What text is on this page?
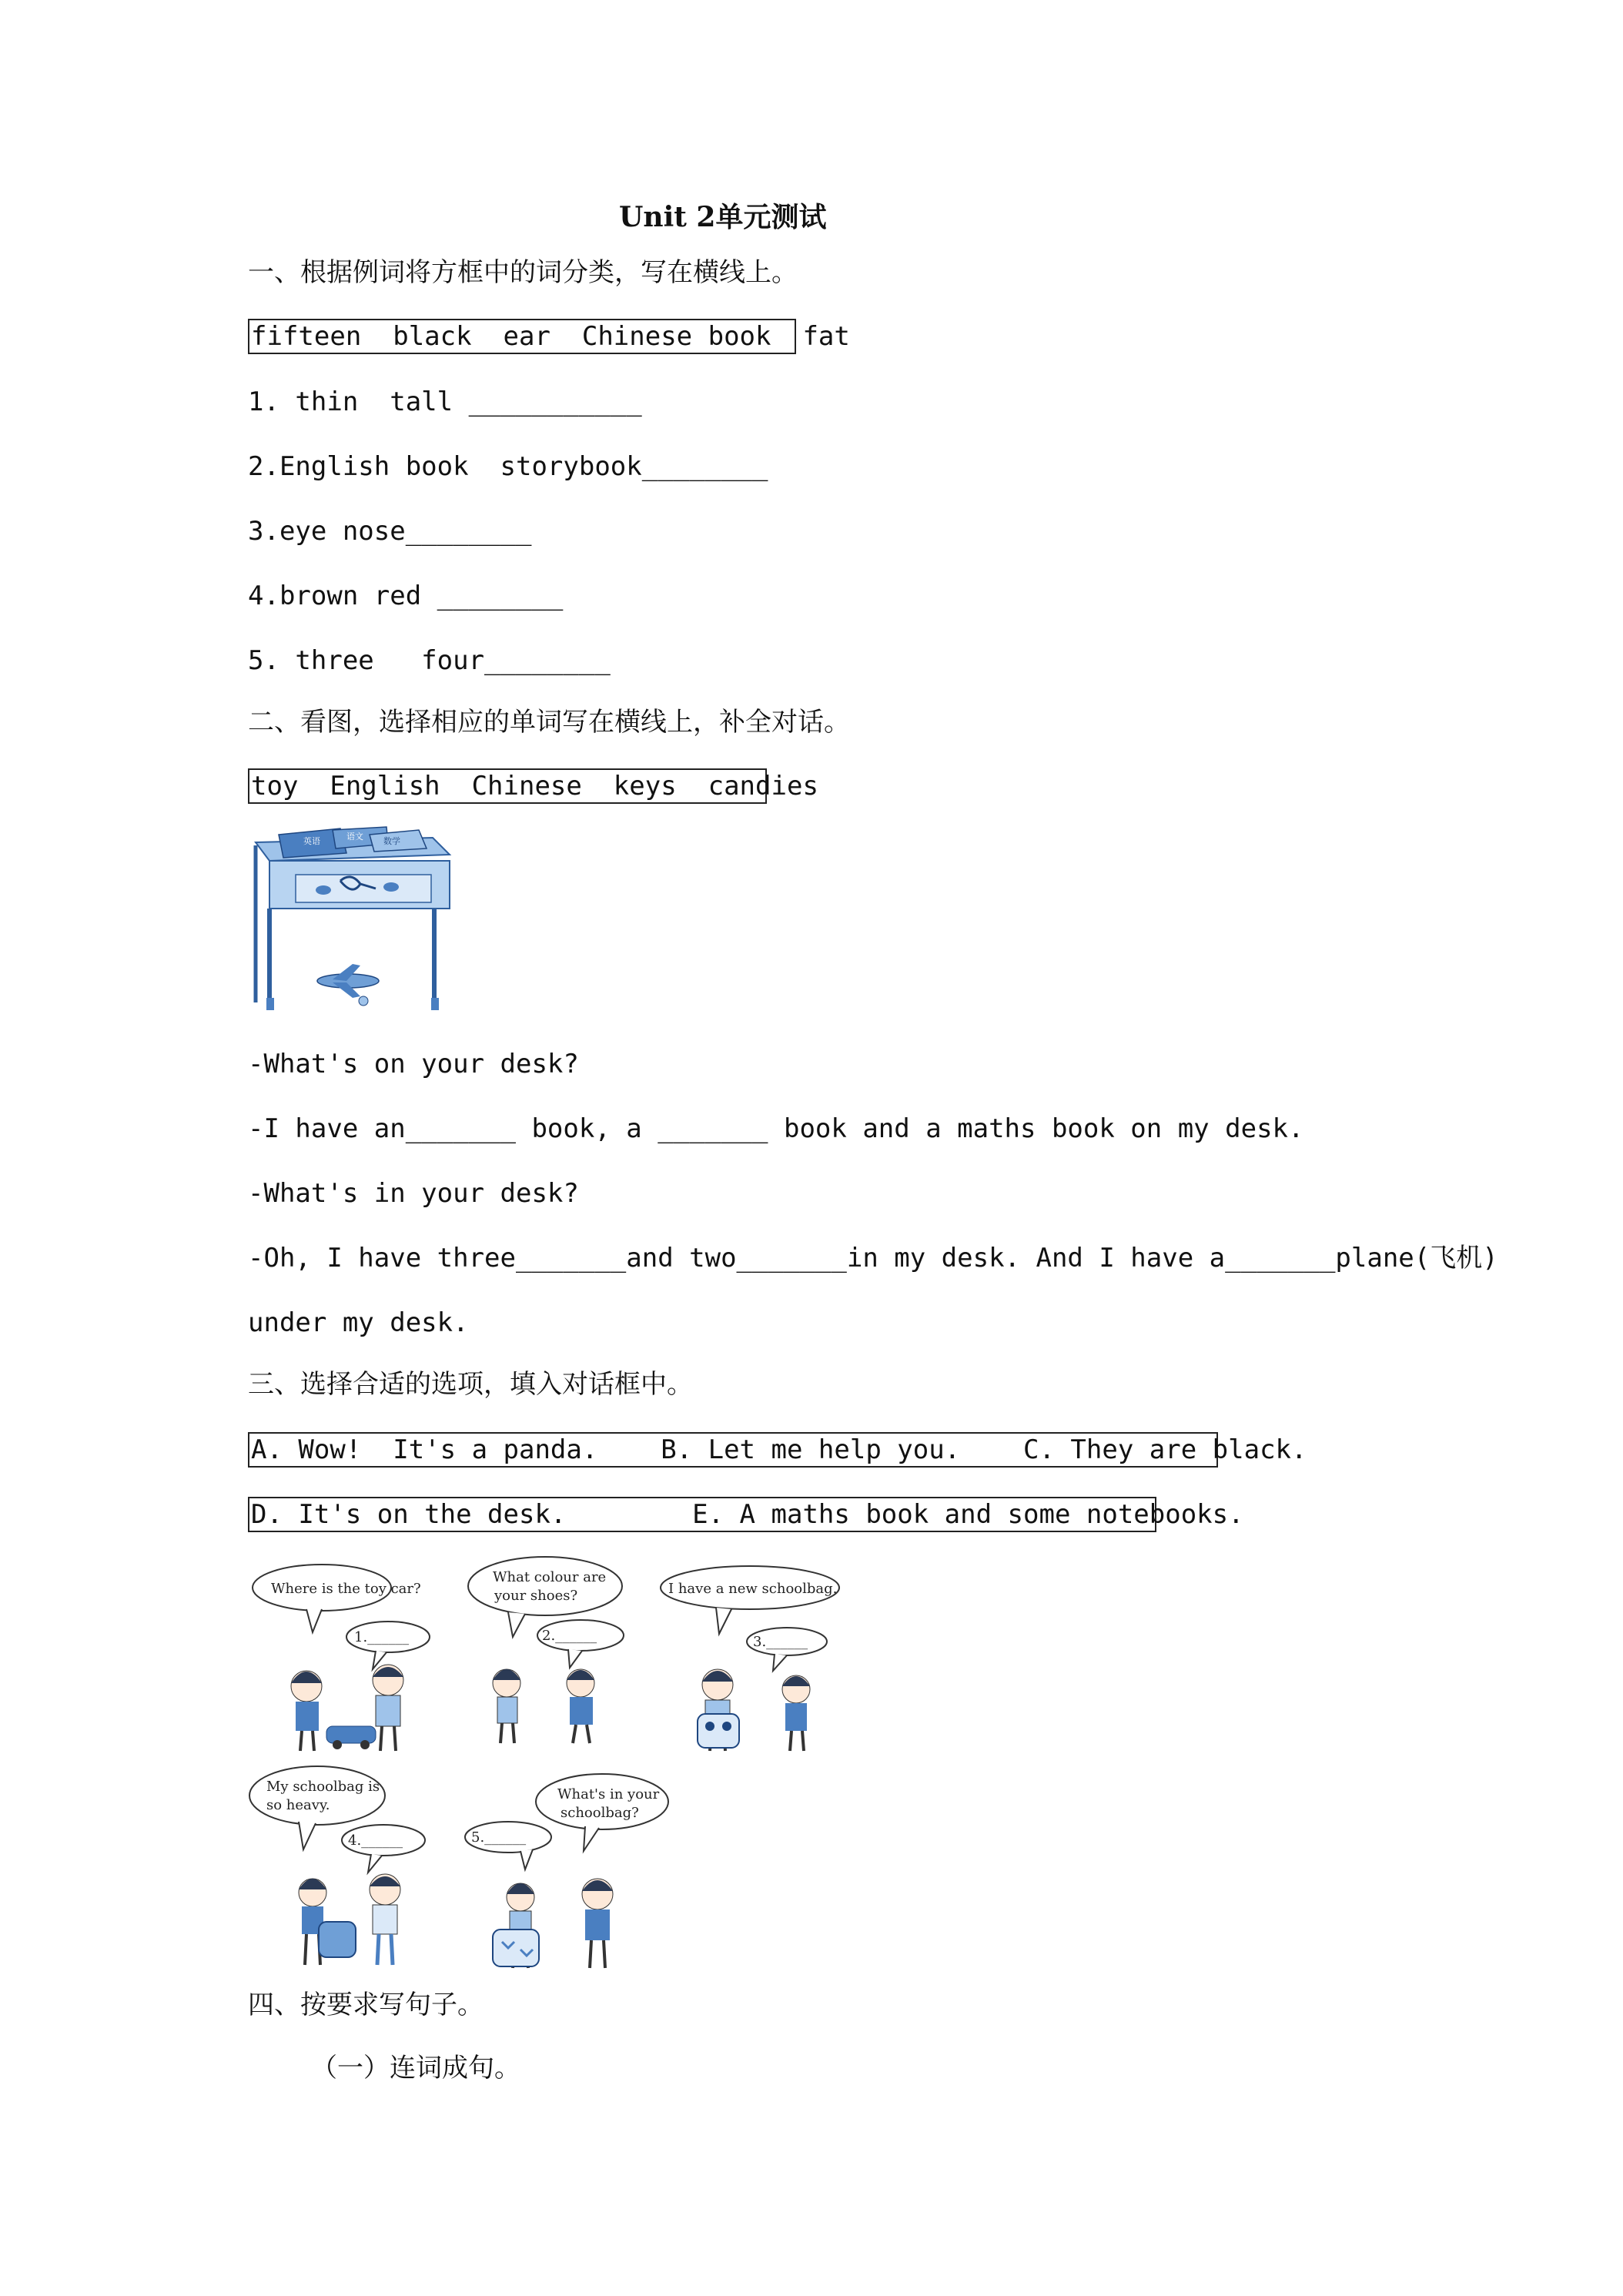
Unit 2单元测试
一、根据例词将方框中的词分类，写在横线上。
fifteen  black  ear  Chinese book  fat
1. thin  tall ___________
2.English book  storybook________
3.eye nose________
4.brown red ________
5. three   four________
二、看图，选择相应的单词写在横线上，补全对话。
toy  English  Chinese  keys  candies
英语	语文 数学
-What's on your desk?
-I have an_______ book, a _______ book and a maths book on my desk.
-What's in your desk?
-Oh, I have three_______and two_______in my desk. And I have a_______plane(飞机)
under my desk.
三、选择合适的选项，填入对话框中。
A. Wow!  It's a panda.    B. Let me help you.    C. They are black.
D. It's on the desk.        E. A maths book and some notebooks.
Where is the toy car?
1.______
What colour are
your shoes?
2.______
I have a new schoolbag.
3.______
My schoolbag is
so heavy.
4.______
What's in your
schoolbag?
5.______
四、按要求写句子。
（一）连词成句。
